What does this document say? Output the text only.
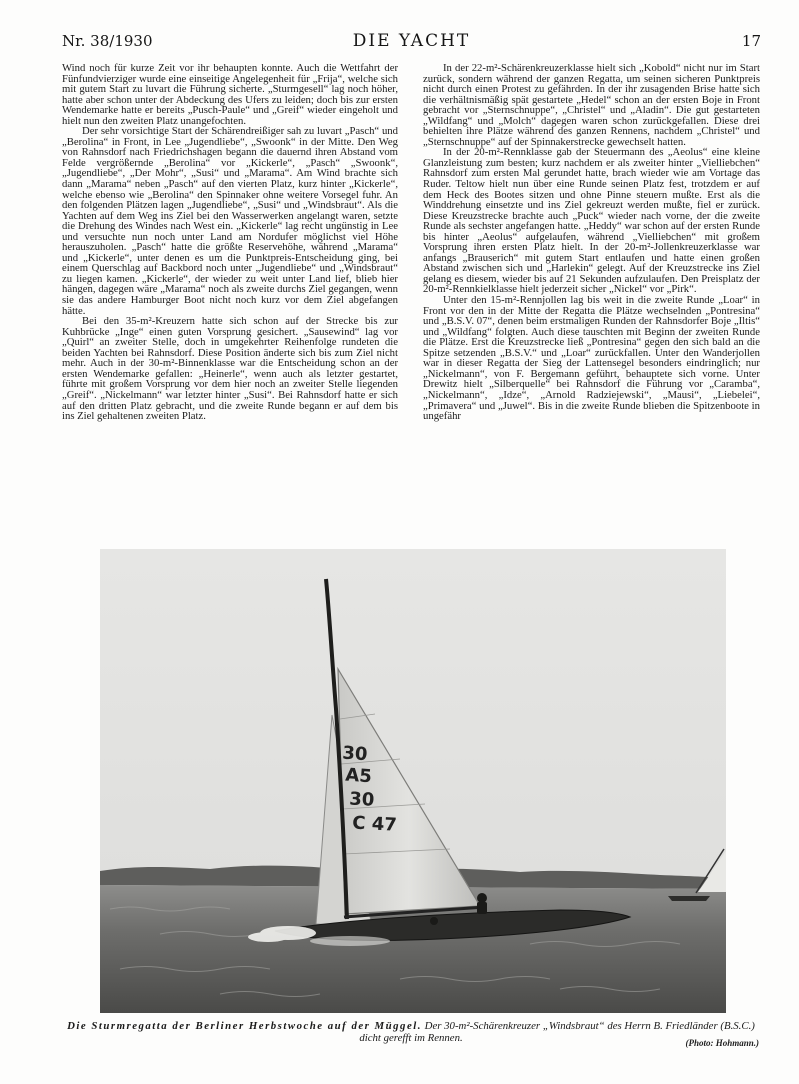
Nr. 38/1930	DIE YACHT	17

Wind noch für kurze Zeit vor ihr behaupten konnte. Auch die Wettfahrt der Fünfundvierziger wurde eine einseitige Angelegenheit für „Frija“, welche sich mit gutem Start zu luvart die Führung sicherte. „Sturmgesell“ lag noch höher, hatte aber schon unter der Abdeckung des Ufers zu leiden; doch bis zur ersten Wendemarke hatte er bereits „Pusch-Paule“ und „Greif“ wieder eingeholt und hielt nun den zweiten Platz unangefochten.

Der sehr vorsichtige Start der Schärendreißiger sah zu luvart „Pasch“ und „Berolina“ in Front, in Lee „Jugendliebe“, „Swoonk“ in der Mitte. Den Weg von Rahnsdorf nach Friedrichshagen begann die dauernd ihren Abstand vom Felde vergrößernde „Berolina“ vor „Kickerle“, „Pasch“ „Swoonk“, „Jugendliebe“, „Der Mohr“, „Susi“ und „Marama“. Am Wind brachte sich dann „Marama“ neben „Pasch“ auf den vierten Platz, kurz hinter „Kickerle“, welche ebenso wie „Berolina“ den Spinnaker ohne weitere Vorsegel fuhr. An den folgenden Plätzen lagen „Jugendliebe“, „Susi“ und „Windsbraut“. Als die Yachten auf dem Weg ins Ziel bei den Wasserwerken angelangt waren, setzte die Drehung des Windes nach West ein. „Kickerle“ lag recht ungünstig in Lee und versuchte nun noch unter Land am Nordufer möglichst viel Höhe herauszuholen. „Pasch“ hatte die größte Reservehöhe, während „Marama“ und „Kickerle“, unter denen es um die Punktpreis-Entscheidung ging, bei einem Querschlag auf Backbord noch unter „Jugendliebe“ und „Windsbraut“ zu liegen kamen. „Kickerle“, der wieder zu weit unter Land lief, blieb hier hängen, dagegen wäre „Marama“ noch als zweite durchs Ziel gegangen, wenn sie das andere Hamburger Boot nicht noch kurz vor dem Ziel abgefangen hätte.

Bei den 35-m²-Kreuzern hatte sich schon auf der Strecke bis zur Kuhbrücke „Inge“ einen guten Vorsprung gesichert. „Sausewind“ lag vor „Quirl“ an zweiter Stelle, doch in umgekehrter Reihenfolge rundeten die beiden Yachten bei Rahnsdorf. Diese Position änderte sich bis zum Ziel nicht mehr. Auch in der 30-m²-Binnenklasse war die Entscheidung schon an der ersten Wendemarke gefallen: „Heinerle“, wenn auch als letzter gestartet, führte mit großem Vorsprung vor dem hier noch an zweiter Stelle liegenden „Greif“. „Nickelmann“ war letzter hinter „Susi“. Bei Rahnsdorf hatte er sich auf den dritten Platz gebracht, und die zweite Runde begann er auf dem bis ins Ziel gehaltenen zweiten Platz.

In der 22-m²-Schärenkreuzerklasse hielt sich „Kobold“ nicht nur im Start zurück, sondern während der ganzen Regatta, um seinen sicheren Punktpreis nicht durch einen Protest zu gefährden. In der ihr zusagenden Brise hatte sich die verhältnismäßig spät gestartete „Hedel“ schon an der ersten Boje in Front gebracht vor „Sternschnuppe“, „Christel“ und „Aladin“. Die gut gestarteten „Wildfang“ und „Molch“ dagegen waren schon zurückgefallen. Diese drei behielten ihre Plätze während des ganzen Rennens, nachdem „Christel“ und „Sternschnuppe“ auf der Spinnakerstrecke gewechselt hatten.

In der 20-m²-Rennklasse gab der Steuermann des „Aeolus“ eine kleine Glanzleistung zum besten; kurz nachdem er als zweiter hinter „Vielliebchen“ Rahnsdorf zum ersten Mal gerundet hatte, brach wieder wie am Vortage das Ruder. Teltow hielt nun über eine Runde seinen Platz fest, trotzdem er auf dem Heck des Bootes sitzen und ohne Pinne steuern mußte. Erst als die Winddrehung einsetzte und ins Ziel gekreuzt werden mußte, fiel er zurück. Diese Kreuzstrecke brachte auch „Puck“ wieder nach vorne, der die zweite Runde als sechster angefangen hatte. „Heddy“ war schon auf der ersten Runde bis hinter „Aeolus“ aufgelaufen, während „Vielliebchen“ mit großem Vorsprung ihren ersten Platz hielt. In der 20-m²-Jollenkreuzerklasse war anfangs „Brauserich“ mit gutem Start entlaufen und hatte einen großen Abstand zwischen sich und „Harlekin“ gelegt. Auf der Kreuzstrecke ins Ziel gelang es diesem, wieder bis auf 21 Sekunden aufzulaufen. Den Preisplatz der 20-m²-Rennkielklasse hielt jederzeit sicher „Nickel“ vor „Pirk“.

Unter den 15-m²-Rennjollen lag bis weit in die zweite Runde „Loar“ in Front vor den in der Mitte der Regatta die Plätze wechselnden „Pontresina“ und „B.S.V. 07“, denen beim erstmaligen Runden der Rahnsdorfer Boje „Iltis“ und „Wildfang“ folgten. Auch diese tauschten mit Beginn der zweiten Runde die Plätze. Erst die Kreuzstrecke ließ „Pontresina“ gegen den sich bald an die Spitze setzenden „B.S.V.“ und „Loar“ zurückfallen. Unter den Wanderjollen war in dieser Regatta der Sieg der Lattensegel besonders eindringlich; nur „Nickelmann“, von F. Bergemann geführt, behauptete sich vorne. Unter Drewitz hielt „Silberquelle“ bei Rahnsdorf die Führung vor „Caramba“, „Nickelmann“, „Idze“, „Arnold Radziejewski“, „Mausi“, „Liebelei“, „Primavera“ und „Juwel“. Bis in die zweite Runde blieben die Spitzenboote in ungefähr

30
A5
30
C 47
Die Sturmregatta der Berliner Herbstwoche auf der Müggel. Der 30-m²-Schärenkreuzer „Windsbraut“ des Herrn B. Friedländer (B.S.C.) dicht gerefft im Rennen.	(Photo: Hohmann.)
